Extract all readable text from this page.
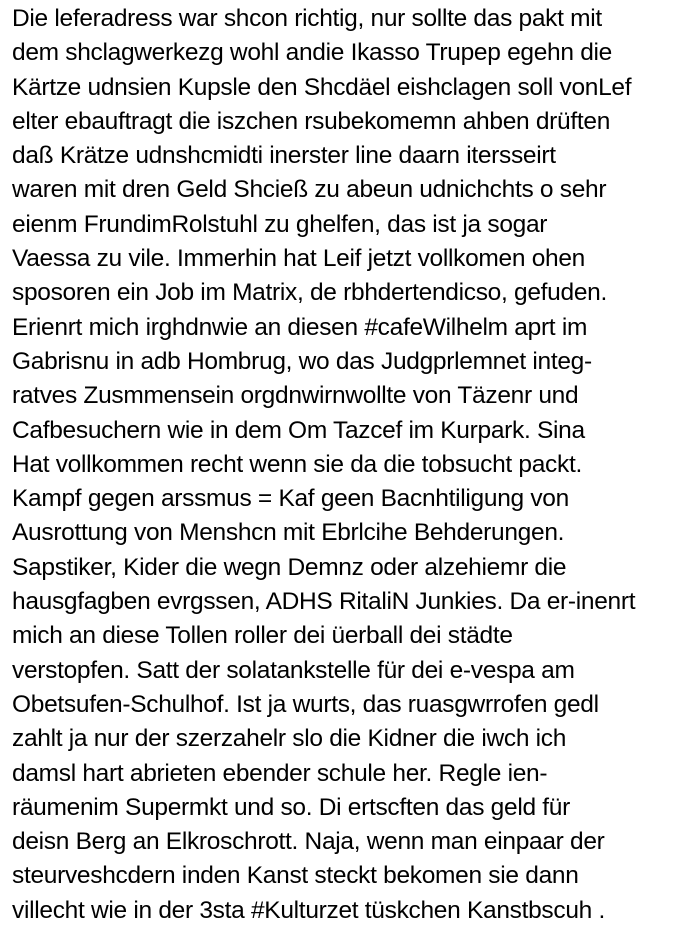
Die leferadress war shcon richtig, nur sollte das pakt mit
dem shclagwerkezg wohl andie Ikasso Trupep egehn die
Kärtze udnsien Kupsle den Shcdäel eishclagen soll vonLef
elter ebauftragt die iszchen rsubekomemn ahben drüften
daß Krätze udnshcmidti inerster line daarn itersseirt
waren mit dren Geld Shcieß zu abeun udnichchts o sehr
eienm FrundimRolstuhl zu ghelfen, das ist ja sogar
Vaessa zu vile. Immerhin hat Leif jetzt vollkomen ohen
sposoren ein Job im Matrix, de rbhdertendicso, gefuden.
Erienrt mich irghdnwie an diesen #cafeWilhelm aprt im
Gabrisnu in adb Hombrug, wo das Judgprlemnet integ-
ratves Zusmmensein orgdnwirnwollte von Täzenr und
Cafbesuchern wie in dem Om Tazcef im Kurpark. Sina
Hat vollkommen recht wenn sie da die tobsucht packt.
Kampf gegen arssmus = Kaf geen Bacnhtiligung von
Ausrottung von Menshcn mit Ebrlcihe Behderungen.
Sapstiker, Kider die wegn Demnz oder alzehiemr die
hausgfagben evrgssen, ADHS RitaliN Junkies. Da er-inenrt
mich an diese Tollen roller dei üerball dei städte
verstopfen. Satt der solatankstelle für dei e-vespa am
Obetsufen-Schulhof. Ist ja wurts, das ruasgwrrofen gedl
zahlt ja nur der szerzahelr slo die Kidner die iwch ich
damsl hart abrieten ebender schule her. Regle ien-
räumenim Supermkt und so. Di ertscften das geld für
deisn Berg an Elkroschrott. Naja, wenn man einpaar der
steurveshcdern inden Kanst steckt bekomen sie dann
villecht wie in der 3sta #Kulturzet tüskchen Kanstbscuh .
